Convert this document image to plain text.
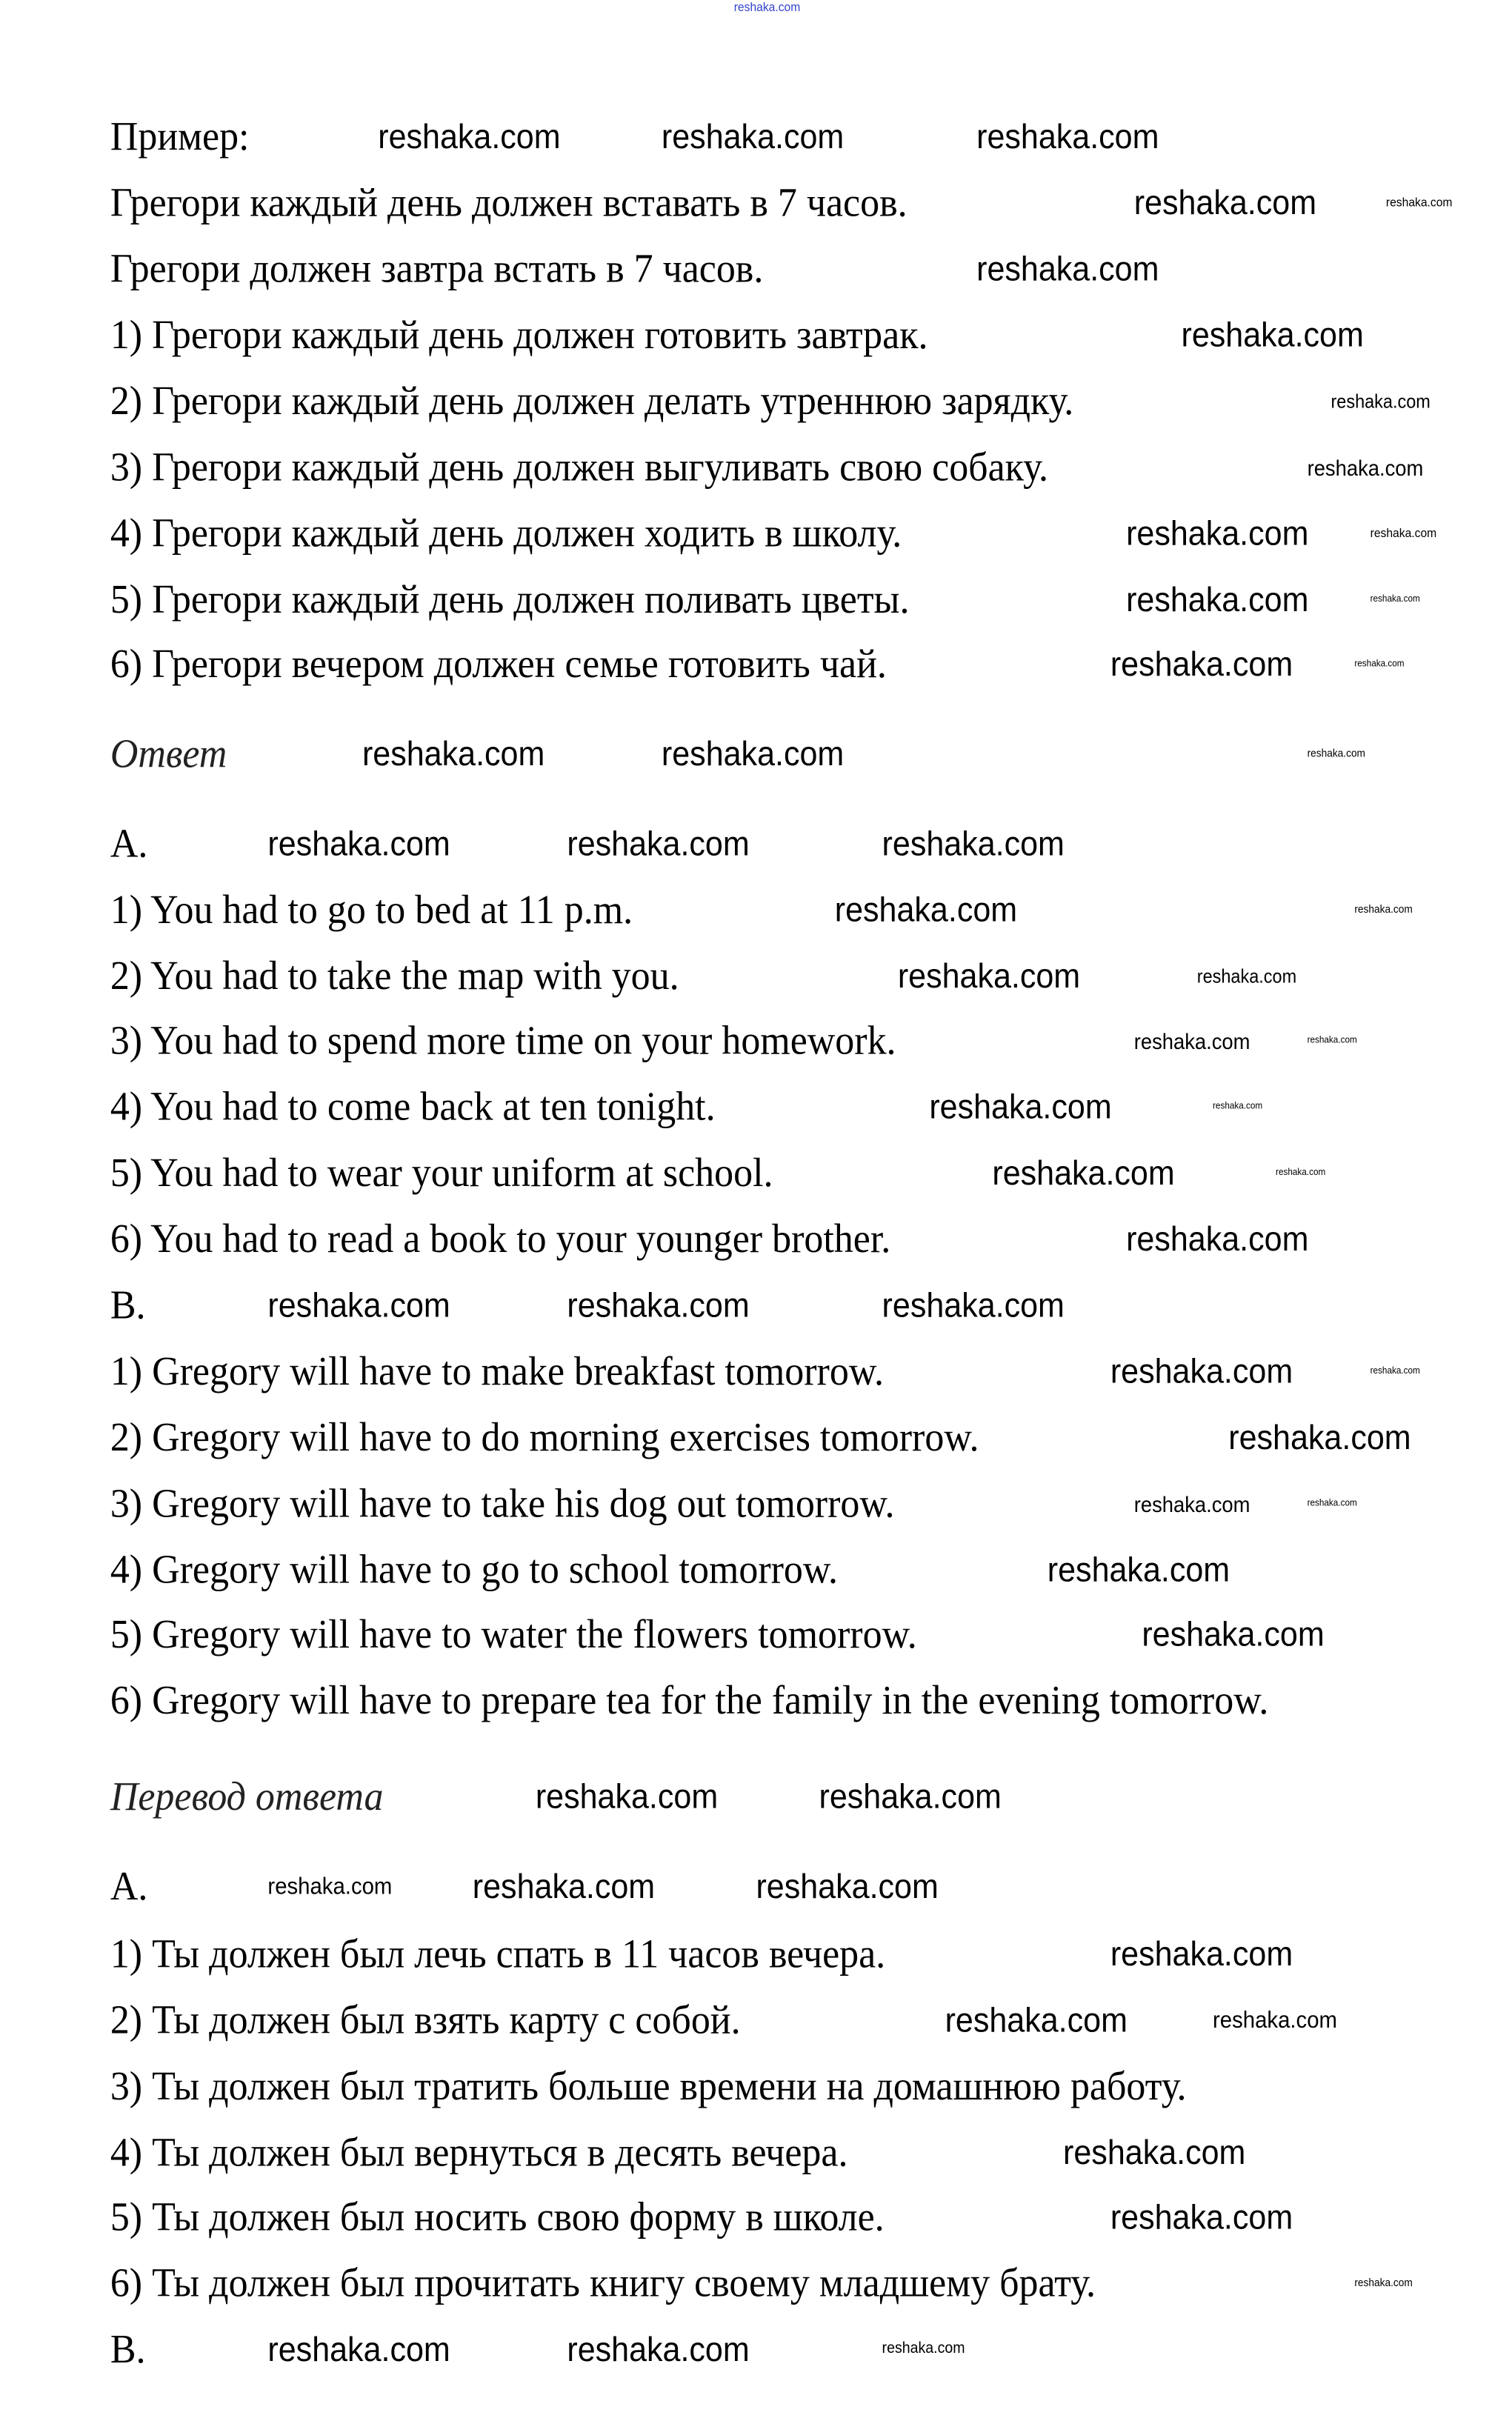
Пример:
Грегори каждый день должен вставать в 7 часов.
Грегори должен завтра встать в 7 часов.
1) Грегори каждый день должен готовить завтрак.
2) Грегори каждый день должен делать утреннюю зарядку.
3) Грегори каждый день должен выгуливать свою собаку.
4) Грегори каждый день должен ходить в школу.
5) Грегори каждый день должен поливать цветы.
6) Грегори вечером должен семье готовить чай.
Ответ
A.
1) You had to go to bed at 11 p.m.
2) You had to take the map with you.
3) You had to spend more time on your homework.
4) You had to come back at ten tonight.
5) You had to wear your uniform at school.
6) You had to read a book to your younger brother.
B.
1) Gregory will have to make breakfast tomorrow.
2) Gregory will have to do morning exercises tomorrow.
3) Gregory will have to take his dog out tomorrow.
4) Gregory will have to go to school tomorrow.
5) Gregory will have to water the flowers tomorrow.
6) Gregory will have to prepare tea for the family in the evening tomorrow.
Перевод ответа
A.
1) Ты должен был лечь спать в 11 часов вечера.
2) Ты должен был взять карту с собой.
3) Ты должен был тратить больше времени на домашнюю работу.
4) Ты должен был вернуться в десять вечера.
5) Ты должен был носить свою форму в школе.
6) Ты должен был прочитать книгу своему младшему брату.
B.
reshaka.com
reshaka.com	reshaka.com	reshaka.com
reshaka.com	reshaka.com
reshaka.com
reshaka.com
reshaka.com
reshaka.com
reshaka.com	reshaka.com
reshaka.com	reshaka.com
reshaka.com	reshaka.com
reshaka.com	reshaka.com	reshaka.com
reshaka.com	reshaka.com	reshaka.com
reshaka.com	reshaka.com
reshaka.com	reshaka.com
reshaka.com	reshaka.com
reshaka.com	reshaka.com
reshaka.com	reshaka.com
reshaka.com
reshaka.com	reshaka.com	reshaka.com
reshaka.com	reshaka.com
reshaka.com
reshaka.com	reshaka.com
reshaka.com
reshaka.com
reshaka.com	reshaka.com
reshaka.com	reshaka.com	reshaka.com
reshaka.com
reshaka.com	reshaka.com
reshaka.com
reshaka.com
reshaka.com
reshaka.com	reshaka.com	reshaka.com
